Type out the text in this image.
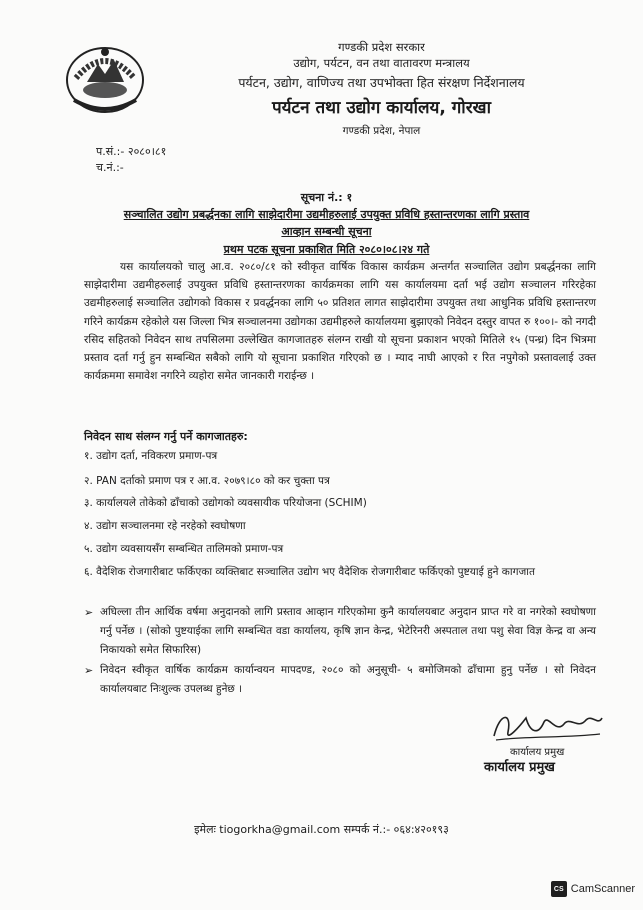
गण्डकी प्रदेश सरकार
उद्योग, पर्यटन, वन तथा वातावरण मन्त्रालय
पर्यटन, उद्योग, वाणिज्य तथा उपभोक्ता हित संरक्षण निर्देशनालय
पर्यटन तथा उद्योग कार्यालय, गोरखा
गण्डकी प्रदेश, नेपाल
प.सं.:- २०८०।८१
च.नं.:-
सूचना नं.: १
सञ्चालित उद्योग प्रबर्द्धनका लागि साझेदारीमा उद्यमीहरुलाई उपयुक्त प्रविधि हस्तान्तरणका लागि प्रस्ताव
आव्हान सम्बन्धी सूचना
प्रथम पटक सूचना प्रकाशित मिति २०८०।०८।२४ गते
यस कार्यालयको चालु आ.व. २०८०/८१ को स्वीकृत वार्षिक विकास कार्यक्रम अन्तर्गत सञ्चालित उद्योग प्रबर्द्धनका लागि साझेदारीमा उद्यमीहरुलाई उपयुक्त प्रविधि हस्तान्तरणका कार्यक्रमका लागि यस कार्यालयमा दर्ता भई उद्योग सञ्चालन गरिरहेका उद्यमीहरुलाई सञ्चालित उद्योगको विकास र प्रवर्द्धनका लागि ५० प्रतिशत लागत साझेदारीमा उपयुक्त तथा आधुनिक प्रविधि हस्तान्तरण गरिने कार्यक्रम रहेकोले यस जिल्ला भित्र सञ्चालनमा उद्योगका उद्यमीहरुले कार्यालयमा बुझाएको निवेदन दस्तुर वापत रु १००।- को नगदी रसिद सहितको निवेदन साथ तपसिलमा उल्लेखित कागजातहरु संलग्न राखी यो सूचना प्रकाशन भएको मितिले १५ (पन्ध्र) दिन भित्रमा प्रस्ताव दर्ता गर्नु हुन सम्बन्धित सबैको लागि यो सूचाना प्रकाशित गरिएको छ । म्याद नाघी आएको र रित नपुगेको प्रस्तावलाई उक्त कार्यक्रममा समावेश नगरिने व्यहोरा समेत जानकारी गराईन्छ ।
निवेदन साथ संलग्न गर्नु पर्ने कागजातहरु:
१. उद्योग दर्ता, नविकरण प्रमाण-पत्र
२. PAN दर्ताको प्रमाण पत्र र आ.व. २०७९।८० को कर चुक्ता पत्र
३. कार्यालयले तोकेको ढाँचाको उद्योगको व्यवसायीक परियोजना (SCHIM)
४. उद्योग सञ्चालनमा रहे नरहेको स्वघोषणा
५. उद्योग व्यवसायसँग सम्बन्धित तालिमको प्रमाण-पत्र
६. वैदेशिक रोजगारीबाट फर्किएका व्यक्तिबाट सञ्चालित उद्योग भए वैदेशिक रोजगारीबाट फर्किएको पुष्टयाई हुने कागजात
➢ अघिल्ला तीन आर्थिक वर्षमा अनुदानको लागि प्रस्ताव आव्हान गरिएकोमा कुनै कार्यालयबाट अनुदान प्राप्त गरे वा नगरेको स्वघोषणा गर्नु पर्नेछ । (सोको पुष्टयाईका लागि सम्बन्धित वडा कार्यालय, कृषि ज्ञान केन्द्र, भेटेरिनरी अस्पताल तथा पशु सेवा विज्ञ केन्द्र वा अन्य निकायको समेत सिफारिस)
➢ निवेदन स्वीकृत वार्षिक कार्यक्रम कार्यान्वयन मापदण्ड, २०८० को अनुसूची- ५ बमोजिमको ढाँचामा हुनु पर्नेछ । सो निवेदन कार्यालयबाट निःशुल्क उपलब्ध हुनेछ ।
कार्यालय प्रमुख
कार्यालय प्रमुख
इमेलः tiogorkha@gmail.com सम्पर्क नं.:- ०६४:४२०१९३
CS CamScanner
